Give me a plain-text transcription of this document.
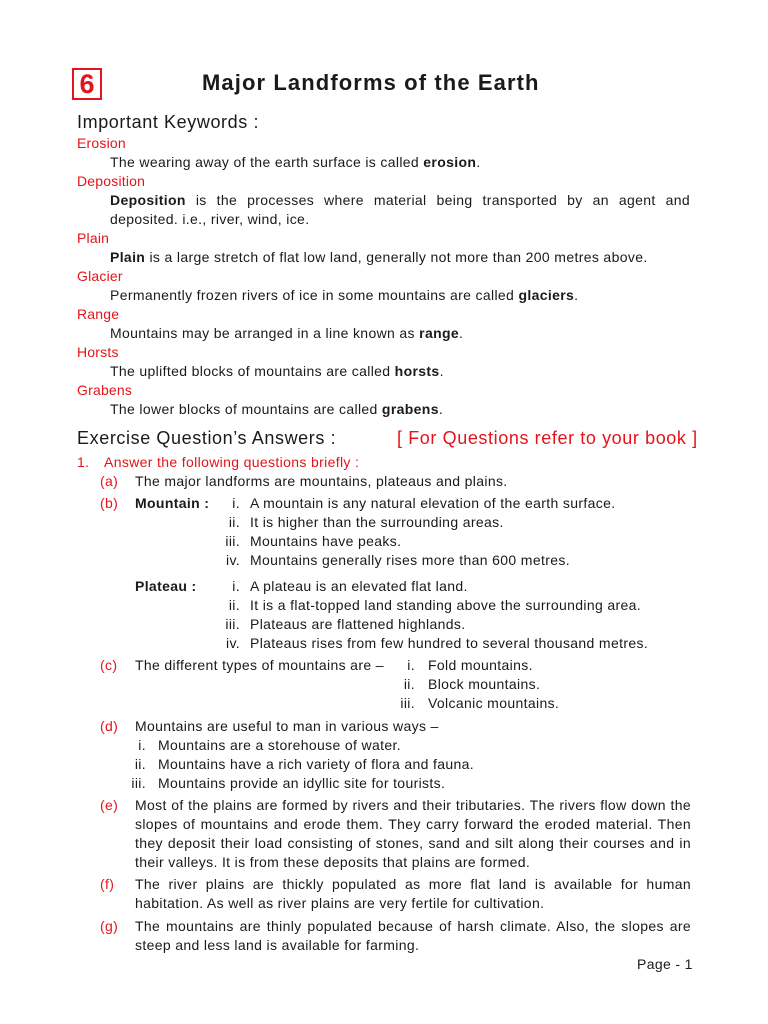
6	Major Landforms of the Earth
Important Keywords :
Erosion
The wearing away of the earth surface is called erosion.
Deposition
Deposition is the processes where material being transported by an agent and deposited. i.e., river, wind, ice.
Plain
Plain is a large stretch of flat low land, generally not more than 200 metres above.
Glacier
Permanently frozen rivers of ice in some mountains are called glaciers.
Range
Mountains may be arranged in a line known as range.
Horsts
The uplifted blocks of mountains are called horsts.
Grabens
The lower blocks of mountains are called grabens.
Exercise Question’s Answers :	[ For Questions refer to your book ]
1. Answer the following questions briefly :
(a) The major landforms are mountains, plateaus and plains.
(b) Mountain :	i. A mountain is any natural elevation of the earth surface.
ii. It is higher than the surrounding areas.
iii. Mountains have peaks.
iv. Mountains generally rises more than 600 metres.
Plateau :	i. A plateau is an elevated flat land.
ii. It is a flat-topped land standing above the surrounding area.
iii. Plateaus are flattened highlands.
iv. Plateaus rises from few hundred to several thousand metres.
(c) The different types of mountains are –	i. Fold mountains.
ii. Block mountains.
iii. Volcanic mountains.
(d) Mountains are useful to man in various ways –
i. Mountains are a storehouse of water.
ii. Mountains have a rich variety of flora and fauna.
iii. Mountains provide an idyllic site for tourists.
(e) Most of the plains are formed by rivers and their tributaries. The rivers flow down the slopes of mountains and erode them. They carry forward the eroded material. Then they deposit their load consisting of stones, sand and silt along their courses and in their valleys. It is from these deposits that plains are formed.
(f) The river plains are thickly populated as more flat land is available for human habitation. As well as river plains are very fertile for cultivation.
(g) The mountains are thinly populated because of harsh climate. Also, the slopes are steep and less land is available for farming.
Page - 1
